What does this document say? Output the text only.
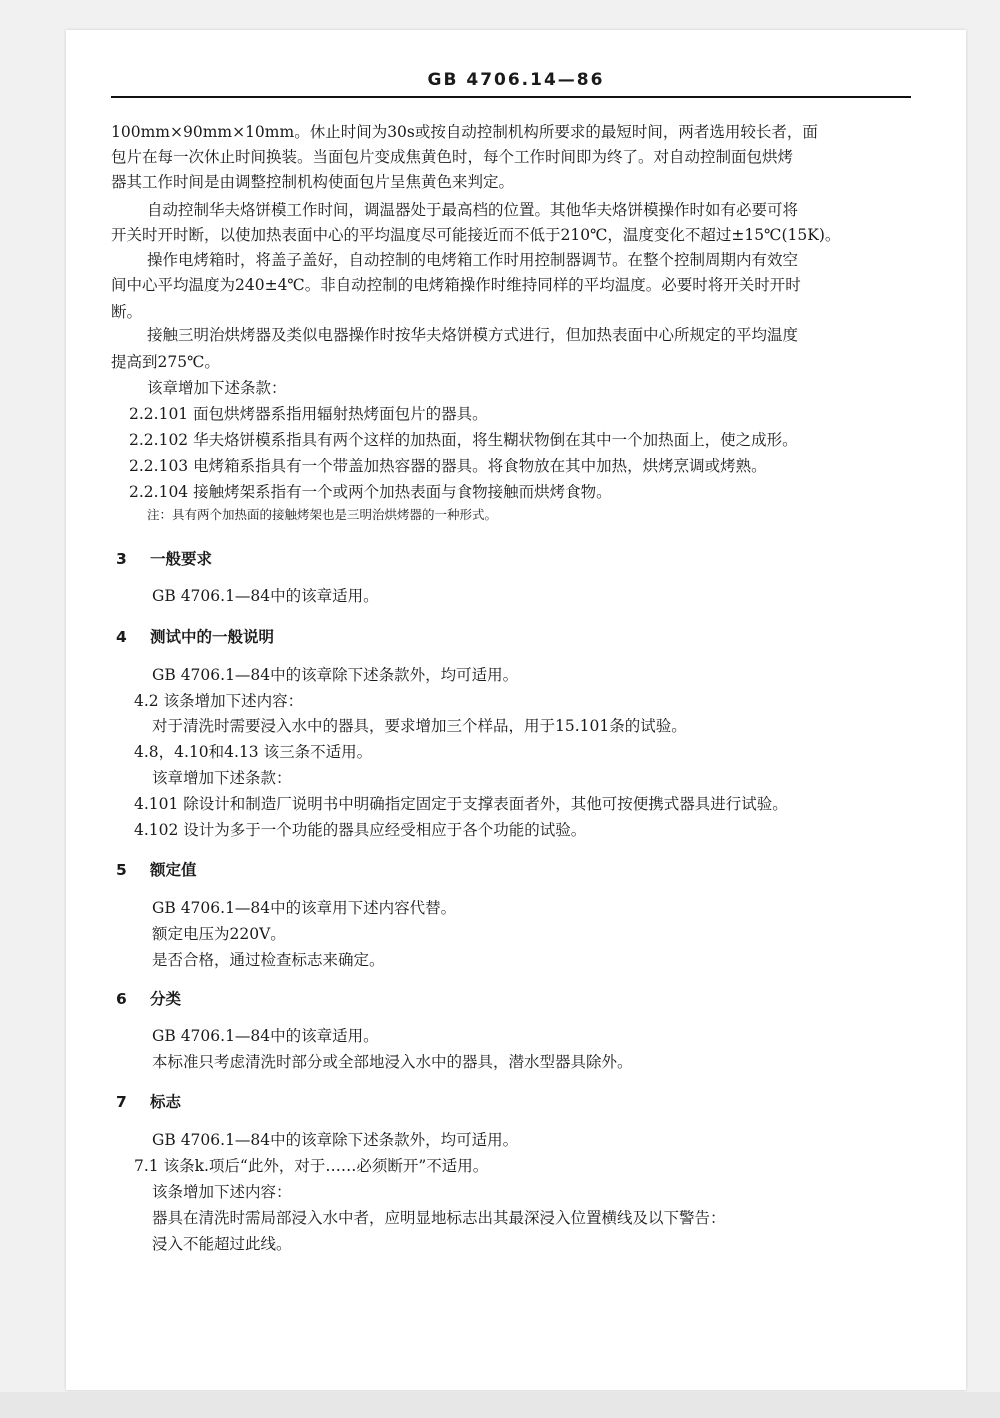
GB 4706.14—86
100mm×90mm×10mm。休止时间为30s或按自动控制机构所要求的最短时间，两者选用较长者，面
包片在每一次休止时间换装。当面包片变成焦黄色时，每个工作时间即为终了。对自动控制面包烘烤
器其工作时间是由调整控制机构使面包片呈焦黄色来判定。
自动控制华夫烙饼模工作时间，调温器处于最高档的位置。其他华夫烙饼模操作时如有必要可将
开关时开时断，以使加热表面中心的平均温度尽可能接近而不低于210℃，温度变化不超过±15℃(15K)。
操作电烤箱时，将盖子盖好，自动控制的电烤箱工作时用控制器调节。在整个控制周期内有效空
间中心平均温度为240±4℃。非自动控制的电烤箱操作时维持同样的平均温度。必要时将开关时开时
断。
接触三明治烘烤器及类似电器操作时按华夫烙饼模方式进行，但加热表面中心所规定的平均温度
提高到275℃。
该章增加下述条款：
2.2.101 面包烘烤器系指用辐射热烤面包片的器具。
2.2.102 华夫烙饼模系指具有两个这样的加热面，将生糊状物倒在其中一个加热面上，使之成形。
2.2.103 电烤箱系指具有一个带盖加热容器的器具。将食物放在其中加热，烘烤烹调或烤熟。
2.2.104 接触烤架系指有一个或两个加热表面与食物接触而烘烤食物。
注：具有两个加热面的接触烤架也是三明治烘烤器的一种形式。
3 一般要求
GB 4706.1—84中的该章适用。
4 测试中的一般说明
GB 4706.1—84中的该章除下述条款外，均可适用。
4.2 该条增加下述内容：
对于清洗时需要浸入水中的器具，要求增加三个样品，用于15.101条的试验。
4.8，4.10和4.13 该三条不适用。
该章增加下述条款：
4.101 除设计和制造厂说明书中明确指定固定于支撑表面者外，其他可按便携式器具进行试验。
4.102 设计为多于一个功能的器具应经受相应于各个功能的试验。
5 额定值
GB 4706.1—84中的该章用下述内容代替。
额定电压为220V。
是否合格，通过检查标志来确定。
6 分类
GB 4706.1—84中的该章适用。
本标准只考虑清洗时部分或全部地浸入水中的器具，潜水型器具除外。
7 标志
GB 4706.1—84中的该章除下述条款外，均可适用。
7.1 该条k.项后“此外，对于……必须断开”不适用。
该条增加下述内容：
器具在清洗时需局部浸入水中者，应明显地标志出其最深浸入位置横线及以下警告：
浸入不能超过此线。
